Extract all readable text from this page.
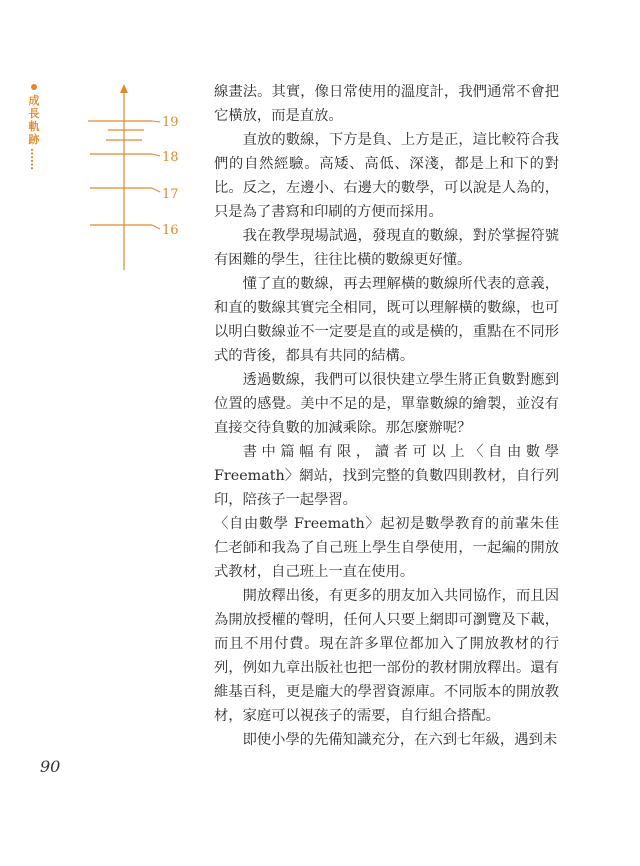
成
長
軌
跡
……
19
18
17
16

線畫法。其實，像日常使用的溫度計，我們通常不會把它橫放，而是直放。

直放的數線，下方是負、上方是正，這比較符合我們的自然經驗。高矮、高低、深淺，都是上和下的對比。反之，左邊小、右邊大的數學，可以說是人為的，只是為了書寫和印刷的方便而採用。

我在教學現場試過，發現直的數線，對於掌握符號有困難的學生，往往比橫的數線更好懂。

懂了直的數線，再去理解橫的數線所代表的意義，和直的數線其實完全相同，既可以理解橫的數線，也可以明白數線並不一定要是直的或是橫的，重點在不同形式的背後，都具有共同的結構。

透過數線，我們可以很快建立學生將正負數對應到位置的感覺。美中不足的是，單靠數線的繪製，並沒有直接交待負數的加減乘除。那怎麼辦呢？

書中篇幅有限，讀者可以上〈自由數學 Freemath〉網站，找到完整的負數四則教材，自行列印，陪孩子一起學習。

〈自由數學 Freemath〉起初是數學教育的前輩朱佳仁老師和我為了自己班上學生自學使用，一起編的開放式教材，自己班上一直在使用。

開放釋出後，有更多的朋友加入共同協作，而且因為開放授權的聲明，任何人只要上網即可瀏覽及下載，而且不用付費。現在許多單位都加入了開放教材的行列，例如九章出版社也把一部份的教材開放釋出。還有維基百科，更是龐大的學習資源庫。不同版本的開放教材，家庭可以視孩子的需要，自行組合搭配。

即使小學的先備知識充分，在六到七年級，遇到未

90
